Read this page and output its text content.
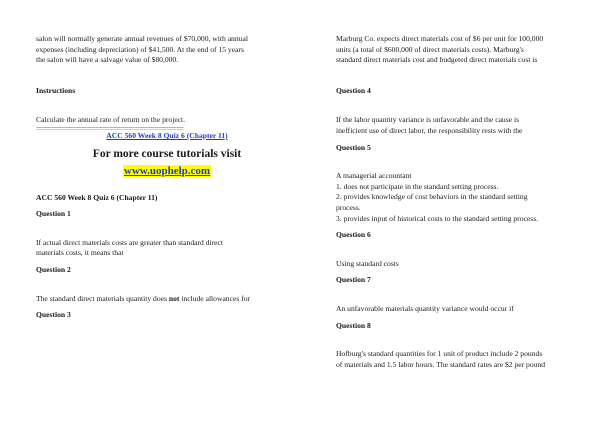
salon will normally generate annual revenues of $70,000, with annual

expenses (including depreciation) of $41,500. At the end of 15 years

the salon will have a salvage value of $80,000.

Instructions

Calculate the annual rate of return on the project.

========================================

ACC 560 Week 8 Quiz 6 (Chapter 11)

For more course tutorials visit

www.uophelp.com

ACC 560 Week 8 Quiz 6 (Chapter 11)

Question 1

If actual direct materials costs are greater than standard direct

materials costs, it means that

Question 2

The standard direct materials quantity does not include allowances for

Question 3

Marburg Co. expects direct materials cost of $6 per unit for 100,000

units (a total of $600,000 of direct materials costs). Marburg's

standard direct materials cost and budgeted direct materials cost is

Question 4

If the labor quantity variance is unfavorable and the cause is

inefficient use of direct labor, the responsibility rests with the

Question 5

A managerial accountant

1. does not participate in the standard setting process.

2. provides knowledge of cost behaviors in the standard setting

process.

3. provides input of historical costs to the standard setting process.

Question 6

Using standard costs

Question 7

An unfavorable materials quantity variance would occur if

Question 8

Hofburg's standard quantities for 1 unit of product include 2 pounds

of materials and 1.5 labor hours. The standard rates are $2 per pound
